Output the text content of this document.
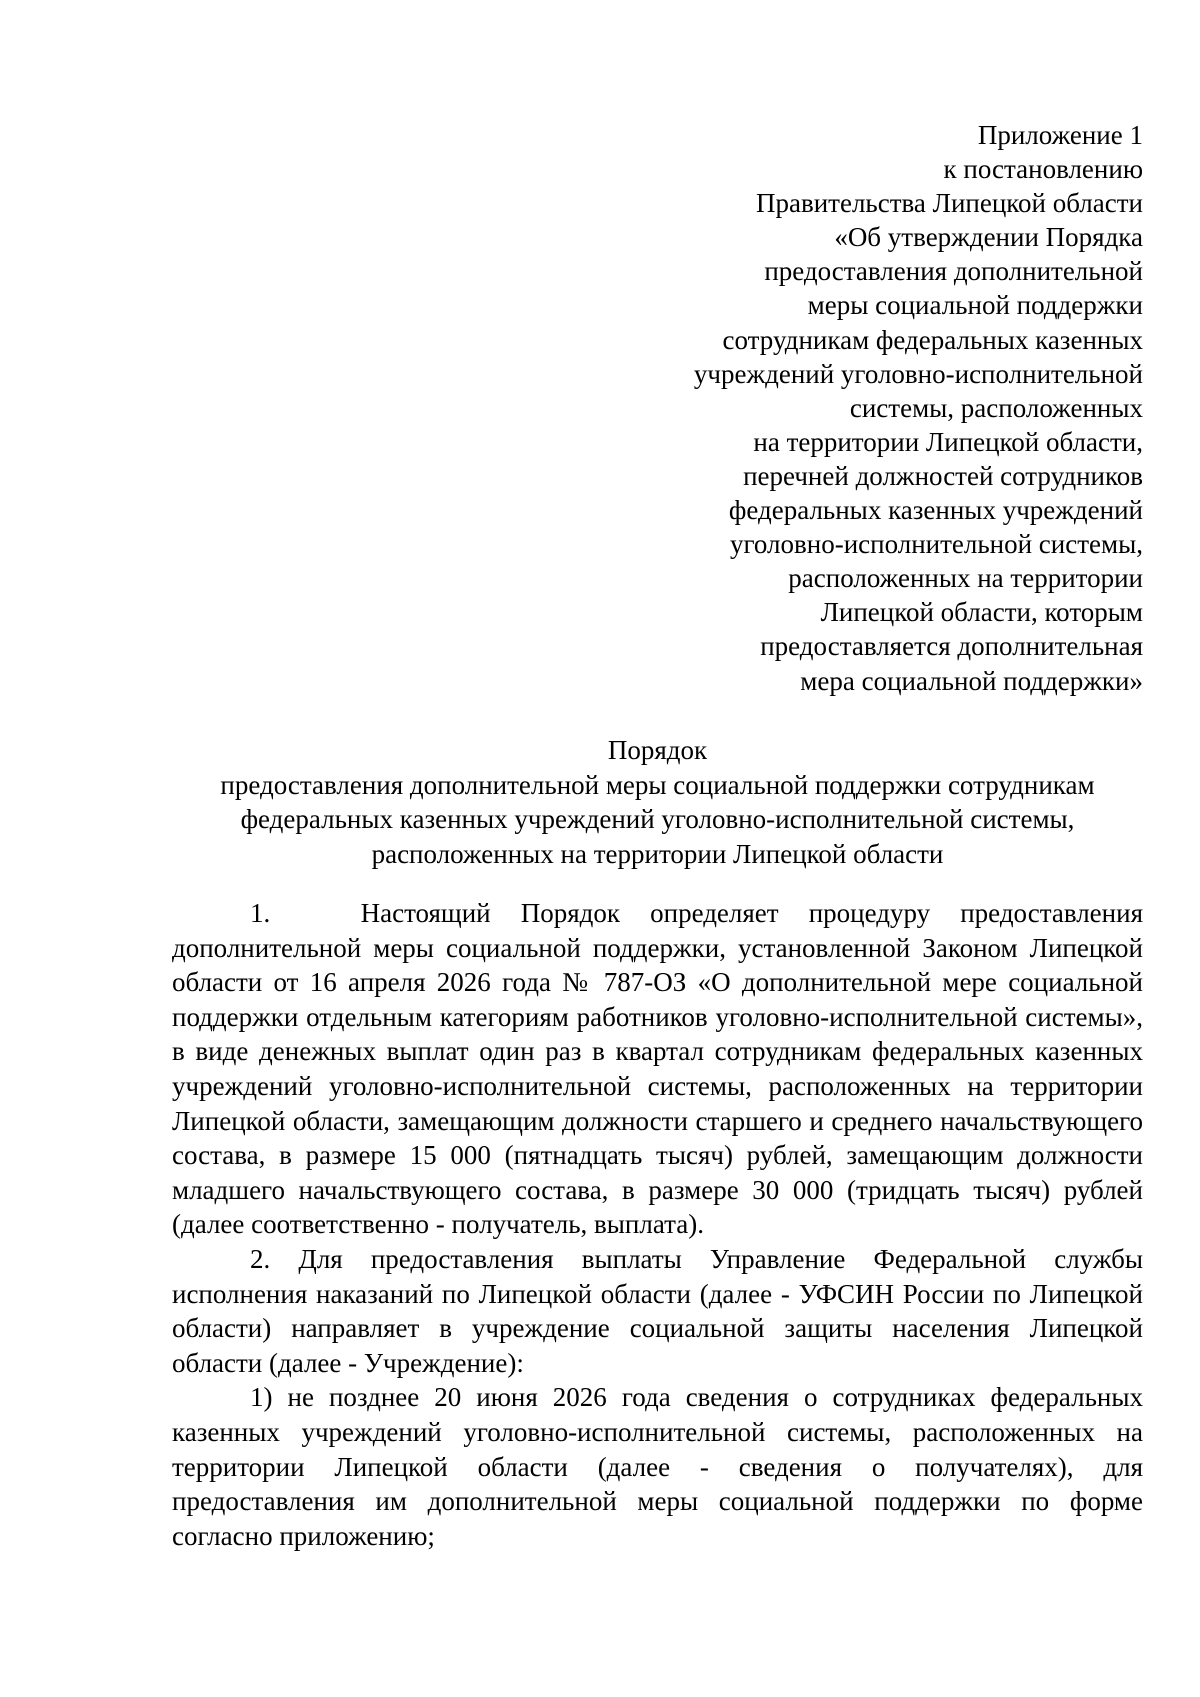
Приложение 1
к постановлению
Правительства Липецкой области
«Об утверждении Порядка
предоставления дополнительной
меры социальной поддержки
сотрудникам федеральных казенных
учреждений уголовно-исполнительной
системы, расположенных
на территории Липецкой области,
перечней должностей сотрудников
федеральных казенных учреждений
уголовно-исполнительной системы,
расположенных на территории
Липецкой области, которым
предоставляется дополнительная
мера социальной поддержки»
Порядок
предоставления дополнительной меры социальной поддержки сотрудникам
федеральных казенных учреждений уголовно-исполнительной системы,
расположенных на территории Липецкой области

1.   Настоящий Порядок определяет процедуру предоставления дополнительной меры социальной поддержки, установленной Законом Липецкой области от 16 апреля 2026 года № 787-ОЗ «О дополнительной мере социальной поддержки отдельным категориям работников уголовно-исполнительной системы», в виде денежных выплат один раз в квартал сотрудникам федеральных казенных учреждений уголовно-исполнительной системы, расположенных на территории Липецкой области, замещающим должности старшего и среднего начальствующего состава, в размере 15 000 (пятнадцать тысяч) рублей, замещающим должности младшего начальствующего состава, в размере 30 000 (тридцать тысяч) рублей (далее соответственно - получатель, выплата).

2. Для предоставления выплаты Управление Федеральной службы исполнения наказаний по Липецкой области (далее - УФСИН России по Липецкой области) направляет в учреждение социальной защиты населения Липецкой области (далее - Учреждение):

1) не позднее 20 июня 2026 года сведения о сотрудниках федеральных казенных учреждений уголовно-исполнительной системы, расположенных на территории Липецкой области (далее - сведения о получателях), для предоставления им дополнительной меры социальной поддержки по форме согласно приложению;
